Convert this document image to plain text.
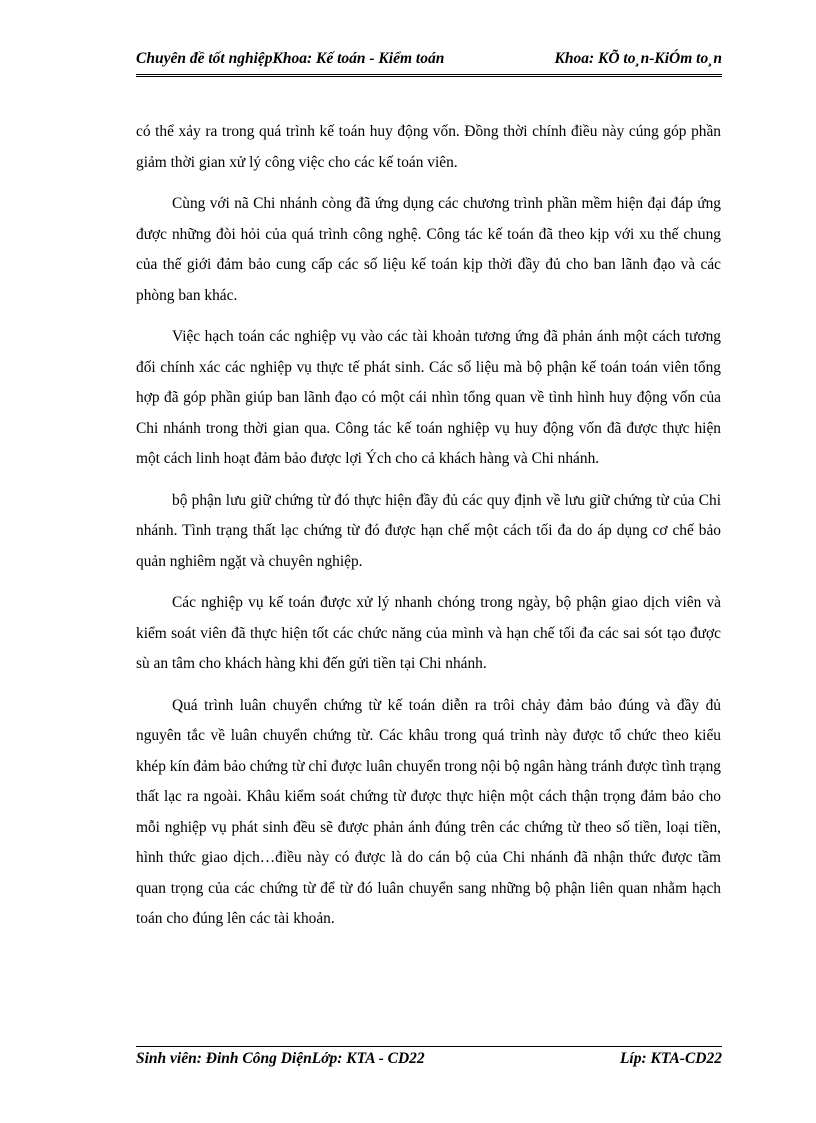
Chuyên đề tốt nghiệpKhoa: Kế toán - Kiểm toán	Khoa: KÕ to¸n-KiÓm to¸n

có thể xảy ra trong quá trình kế toán huy động vốn. Đồng thời chính điều này cúng góp phần giảm thời gian xử lý công việc cho các kế toán viên.

Cùng với nã Chi nhánh còng đã ứng dụng các chương trình phần mềm hiện đại đáp ứng được những đòi hỏi của quá trình công nghệ. Công tác kế toán đã theo kịp với xu thế chung của thế giới đảm bảo cung cấp các số liệu kế toán kịp thời đầy đủ cho ban lãnh đạo và các phòng ban khác.

Việc hạch toán các nghiệp vụ vào các tài khoản tương ứng đã phản ánh một cách tương đối chính xác các nghiệp vụ thực tế phát sinh. Các số liệu mà bộ phận kế toán toán viên tổng hợp đã góp phần giúp ban lãnh đạo có một cái nhìn tổng quan về tình hình huy động vốn của Chi nhánh trong thời gian qua. Công tác kế toán nghiệp vụ huy động vốn đã được thực hiện một cách linh hoạt đảm bảo được lợi Ých cho cả khách hàng và Chi nhánh.

bộ phận lưu giữ chứng từ đó thực hiện đầy đủ các quy định về lưu giữ chứng từ của Chi nhánh. Tình trạng thất lạc chứng từ đó được hạn chế một cách tối đa do áp dụng cơ chế bảo quản nghiêm ngặt và chuyên nghiệp.

Các nghiệp vụ kế toán được xử lý nhanh chóng trong ngày, bộ phận giao dịch viên và kiểm soát viên đã thực hiện tốt các chức năng của mình và hạn chế tối đa các sai sót tạo được sù an tâm cho khách hàng khi đến gửi tiền tại Chi nhánh.

Quá trình luân chuyển chứng từ kế toán diễn ra trôi chảy đảm bảo đúng và đầy đủ nguyên tắc về luân chuyển chứng từ. Các khâu trong quá trình này được tổ chức theo kiểu khép kín đảm bảo chứng từ chỉ được luân chuyển trong nội bộ ngân hàng tránh được tình trạng thất lạc ra ngoài. Khâu kiểm soát chứng từ được thực hiện một cách thận trọng đảm bảo cho mỗi nghiệp vụ phát sinh đều sẽ được phản ánh đúng trên các chứng từ theo số tiền, loại tiền, hình thức giao dịch…điều này có được là do cán bộ của Chi nhánh đã nhận thức được tầm quan trọng của các chứng từ để từ đó luân chuyển sang những bộ phận liên quan nhằm hạch toán cho đúng lên các tài khoản.

Sinh viên: Đinh Công DiệnLớp: KTA - CD22	Líp: KTA-CD22
